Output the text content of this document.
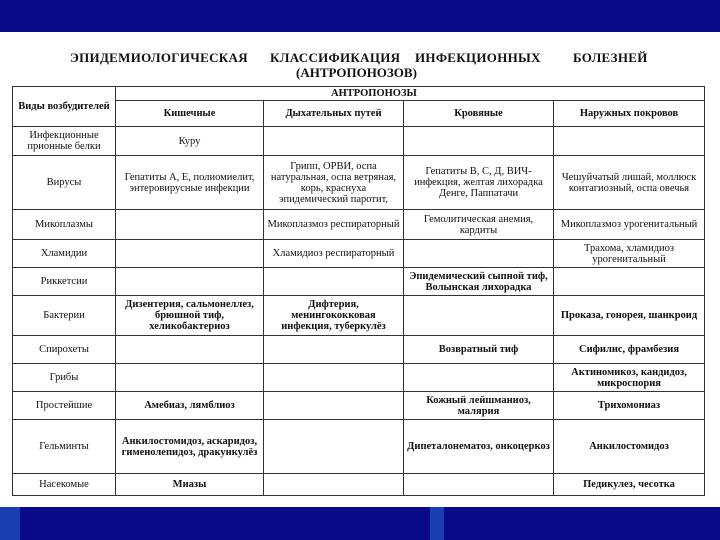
ЭПИДЕМИОЛОГИЧЕСКАЯ КЛАССИФИКАЦИЯ ИНФЕКЦИОННЫХ БОЛЕЗНЕЙ
(АНТРОПОНОЗОВ)
Виды возбудителей	АНТРОПОНОЗЫ			
	Кишечные	Дыхательных путей	Кровяные	Наружных покровов
Инфекционные прионные белки	Куру			
Вирусы	Гепатиты А, Е, полиомиелит, энтеровирусные инфекции	Грипп, ОРВИ, оспа натуральная, оспа ветряная, корь, краснуха эпидемический паротит,	Гепатиты В, С, Д, ВИЧ-инфекция, желтая лихорадка Денге, Паппатачи	Чешуйчатый лишай, моллюск контагиозный, оспа овечья
Микоплазмы		Микоплазмоз респираторный	Гемолитическая анемия, кардиты	Микоплазмоз урогенитальный
Хламидии		Хламидиоз респираторный		Трахома, хламидиоз урогенитальный
Риккетсии			Эпидемический сыпной тиф, Волынская лихорадка	
Бактерии	Дизентерия, сальмонеллез, брюшной тиф, хеликобактериоз	Дифтерия, менингококковая инфекция, туберкулёз		Проказа, гонорея, шанкроид
Спирохеты			Возвратный тиф	Сифилис, фрамбезия
Грибы				Актиномикоз, кандидоз, микроспория
Простейшие	Амебиаз, лямблиоз		Кожный лейшманиоз, малярия	Трихомониаз
Гельминты	Анкилостомидоз, аскаридоз, гименолепидоз, дракункулёз		Дипеталонематоз, онкоцеркоз	Анкилостомидоз
Насекомые	Миазы			Педикулез, чесотка
